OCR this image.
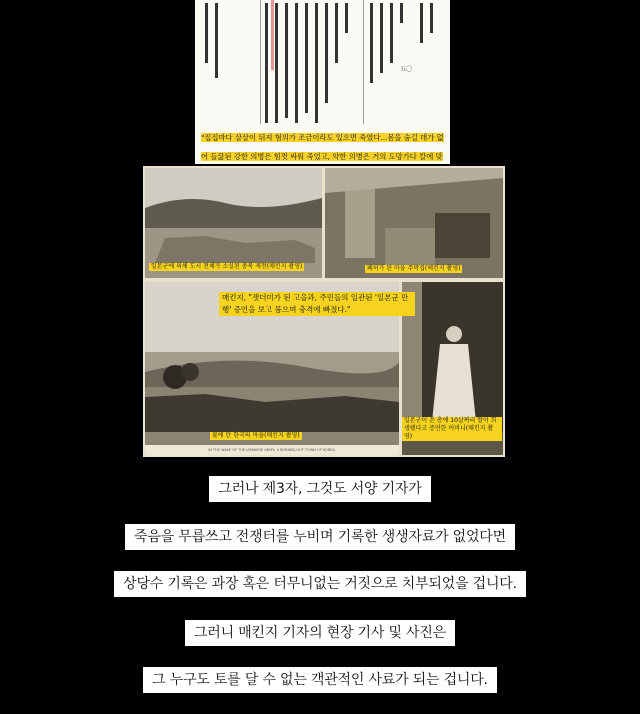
五〇
"집집마다 살살이 뒤져 혐의가 조금이라도 있으면 죽였다...몸을 숨길 데가 없어 들끓된 강한 의병은 힘껏 싸워 죽었고, 약한 의병은 거의 도망가다 칼에 맞
일본군에 의해 도시 전체가 소실된 충북 제천(매킨지 촬영)	폐허가 된 마을 주막집(매킨지 촬영)
불에 탄 한국의 마을(매킨지 촬영)
IN THE WAKE OF THE JAPANESE ARMY; A BURNED-OUT TOWN OF KOREA.
일본군이 쏜 총에 10살짜리 딸이 희생됐다고 증언한 어머니(매킨지 촬영)
매킨지, "잿더미가 된 고을과, 주민들의 일관된 '일본군 만행' 증언을 보고 뭄으며 충격에 빠졌다."
그러나 제3자, 그것도 서양 기자가
죽음을 무릅쓰고 전쟁터를 누비며 기록한 생생자료가 없었다면
상당수 기록은 과장 혹은 터무니없는 거짓으로 치부되었을 겁니다.
그러니 매킨지 기자의 현장 기사 및 사진은
그 누구도 토를 달 수 없는 객관적인 사료가 되는 겁니다.
